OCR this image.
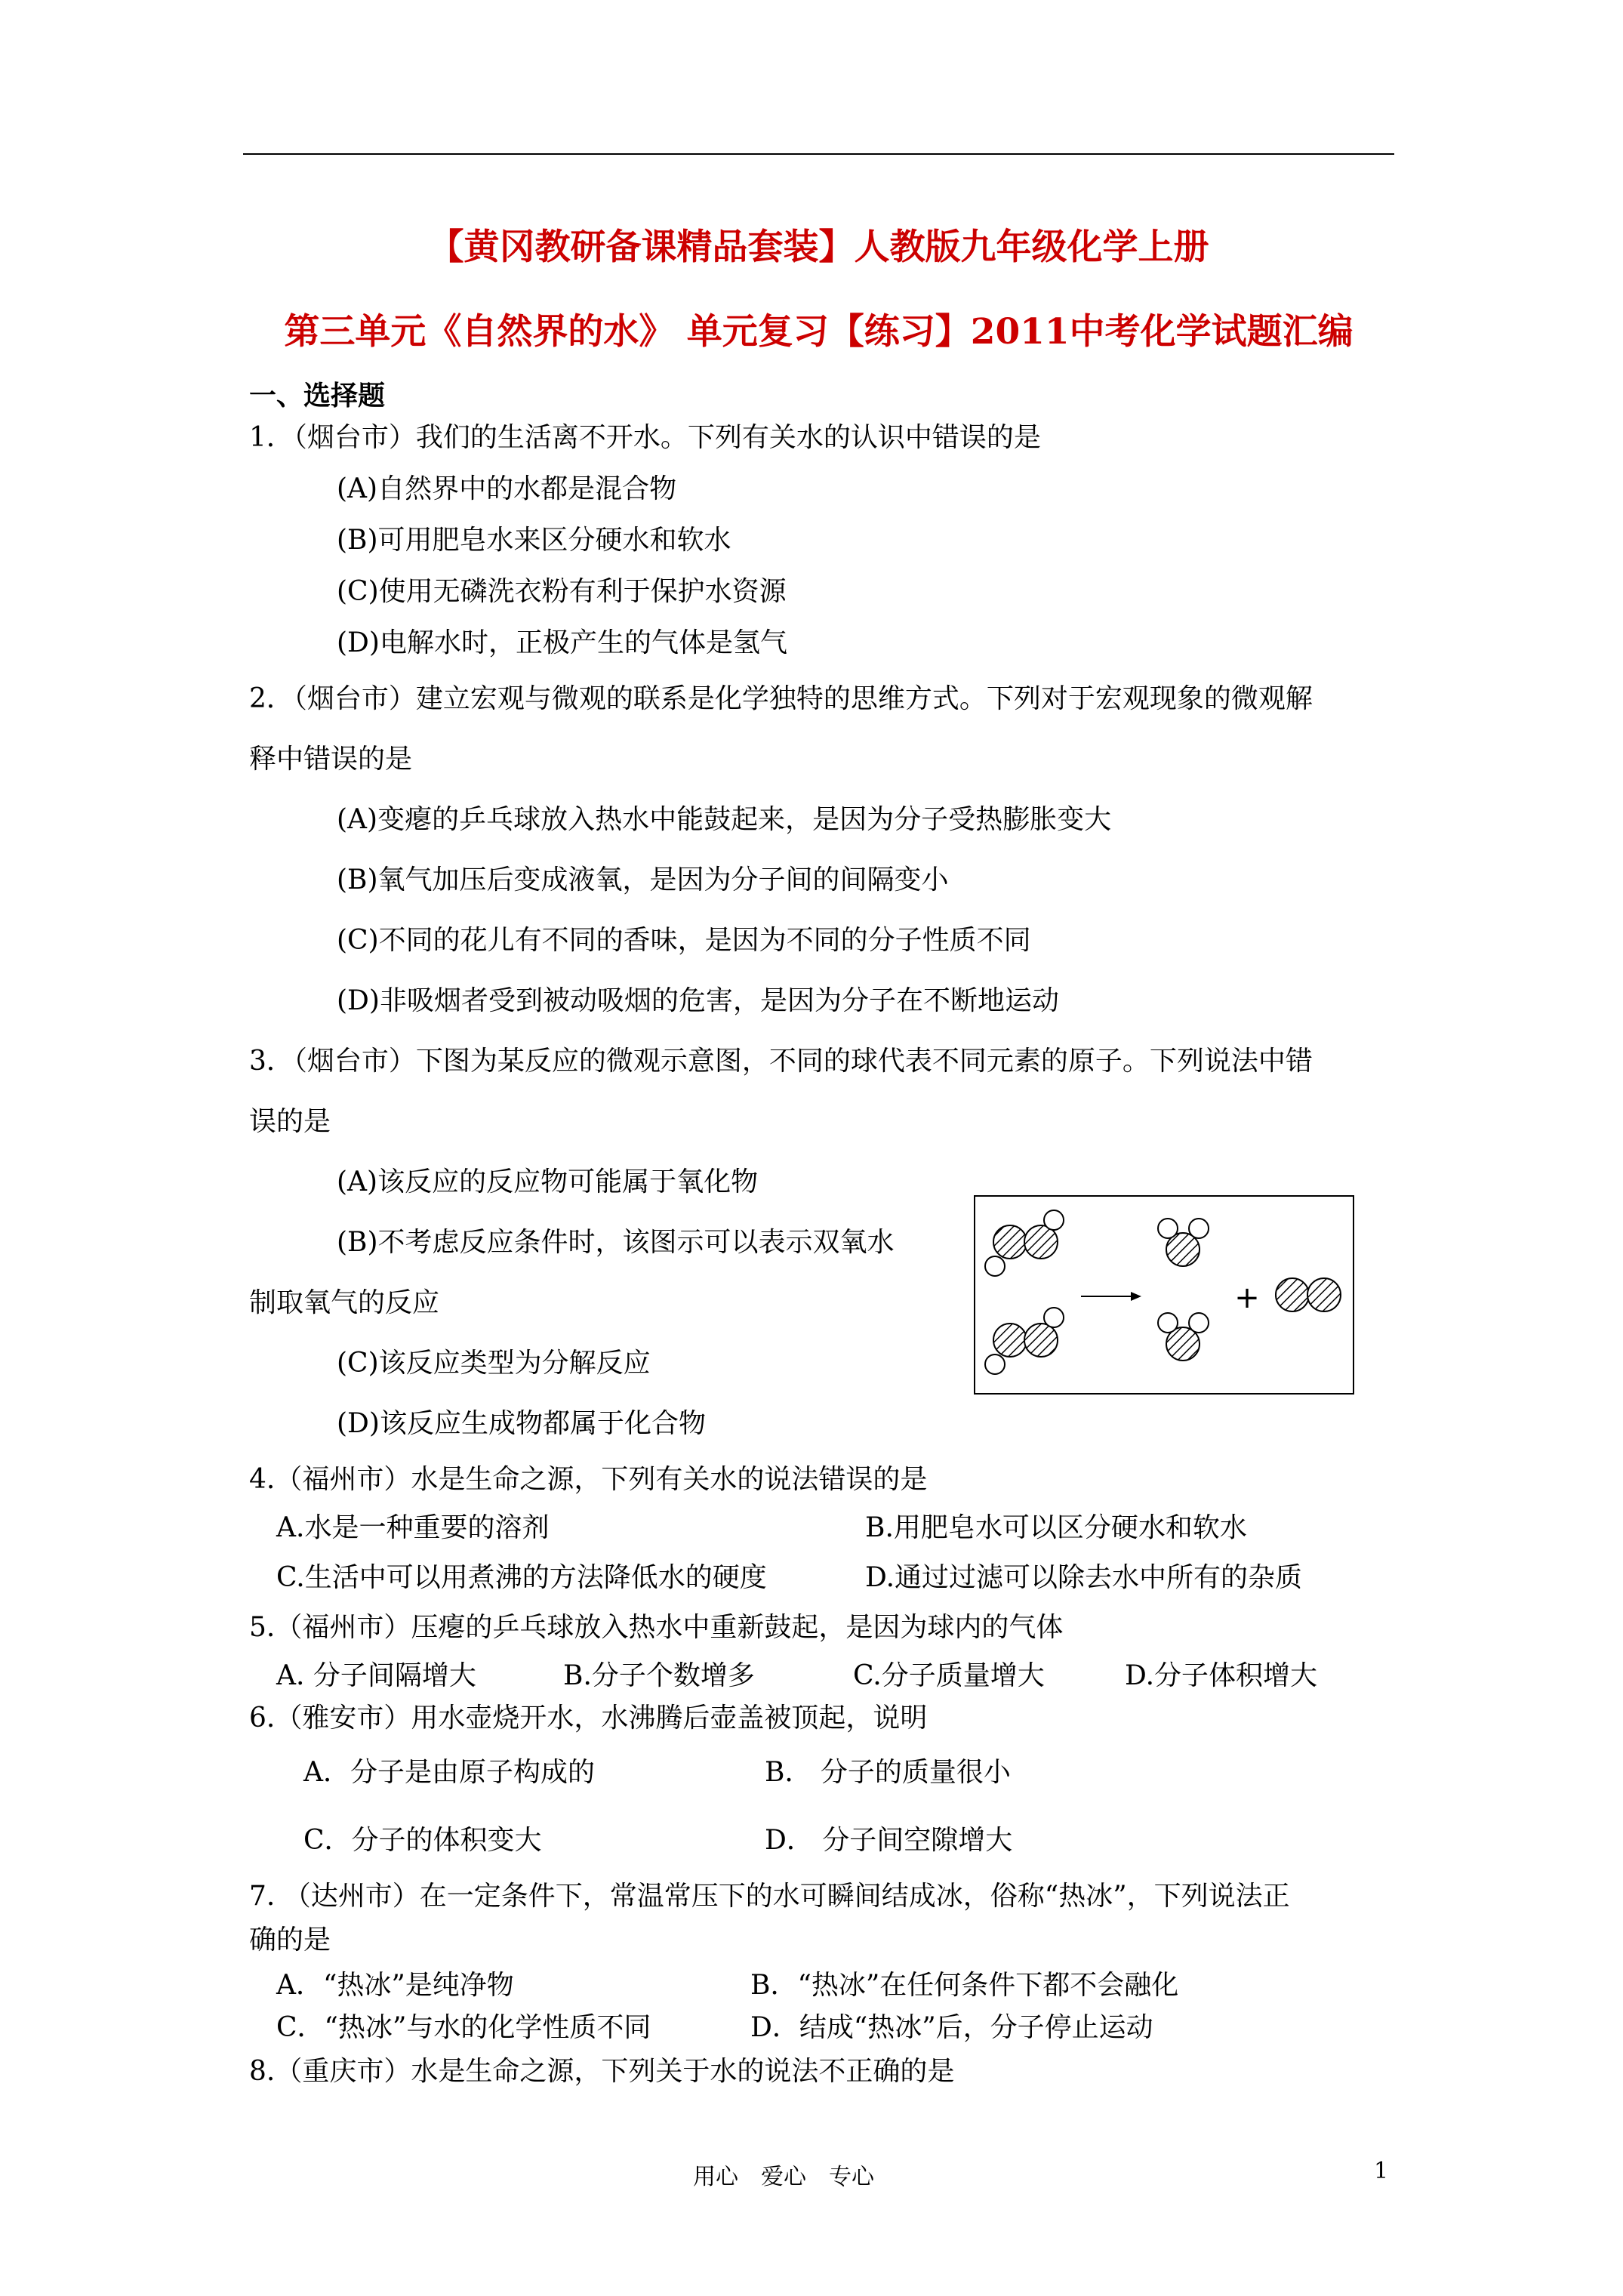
【黄冈教研备课精品套装】人教版九年级化学上册
第三单元《自然界的水》 单元复习【练习】2011中考化学试题汇编
一、选择题
1．（烟台市）我们的生活离不开水。下列有关水的认识中错误的是
(A)自然界中的水都是混合物
(B)可用肥皂水来区分硬水和软水
(C)使用无磷洗衣粉有利于保护水资源
(D)电解水时，正极产生的气体是氢气
2．（烟台市）建立宏观与微观的联系是化学独特的思维方式。下列对于宏观现象的微观解
释中错误的是
(A)变瘪的乒乓球放入热水中能鼓起来，是因为分子受热膨胀变大
(B)氧气加压后变成液氧，是因为分子间的间隔变小
(C)不同的花儿有不同的香味，是因为不同的分子性质不同
(D)非吸烟者受到被动吸烟的危害，是因为分子在不断地运动
3．（烟台市）下图为某反应的微观示意图，不同的球代表不同元素的原子。下列说法中错
误的是
(A)该反应的反应物可能属于氧化物
(B)不考虑反应条件时，该图示可以表示双氧水
制取氧气的反应
(C)该反应类型为分解反应
(D)该反应生成物都属于化合物
+
4.（福州市）水是生命之源，下列有关水的说法错误的是
A.水是一种重要的溶剂	B.用肥皂水可以区分硬水和软水
C.生活中可以用煮沸的方法降低水的硬度	D.通过过滤可以除去水中所有的杂质
5.（福州市）压瘪的乒乓球放入热水中重新鼓起，是因为球内的气体
A. 分子间隔增大	B.分子个数增多	C.分子质量增大	D.分子体积增大
6.（雅安市）用水壶烧开水，水沸腾后壶盖被顶起，说明
A．分子是由原子构成的	B． 分子的质量很小
C．分子的体积变大	D． 分子间空隙增大
7. （达州市）在一定条件下，常温常压下的水可瞬间结成冰，俗称“热冰”，下列说法正
确的是
A．“热冰”是纯净物	B．“热冰”在任何条件下都不会融化
C．“热冰”与水的化学性质不同	D．结成“热冰”后，分子停止运动
8.（重庆市）水是生命之源，下列关于水的说法不正确的是
用心　爱心　专心	1
